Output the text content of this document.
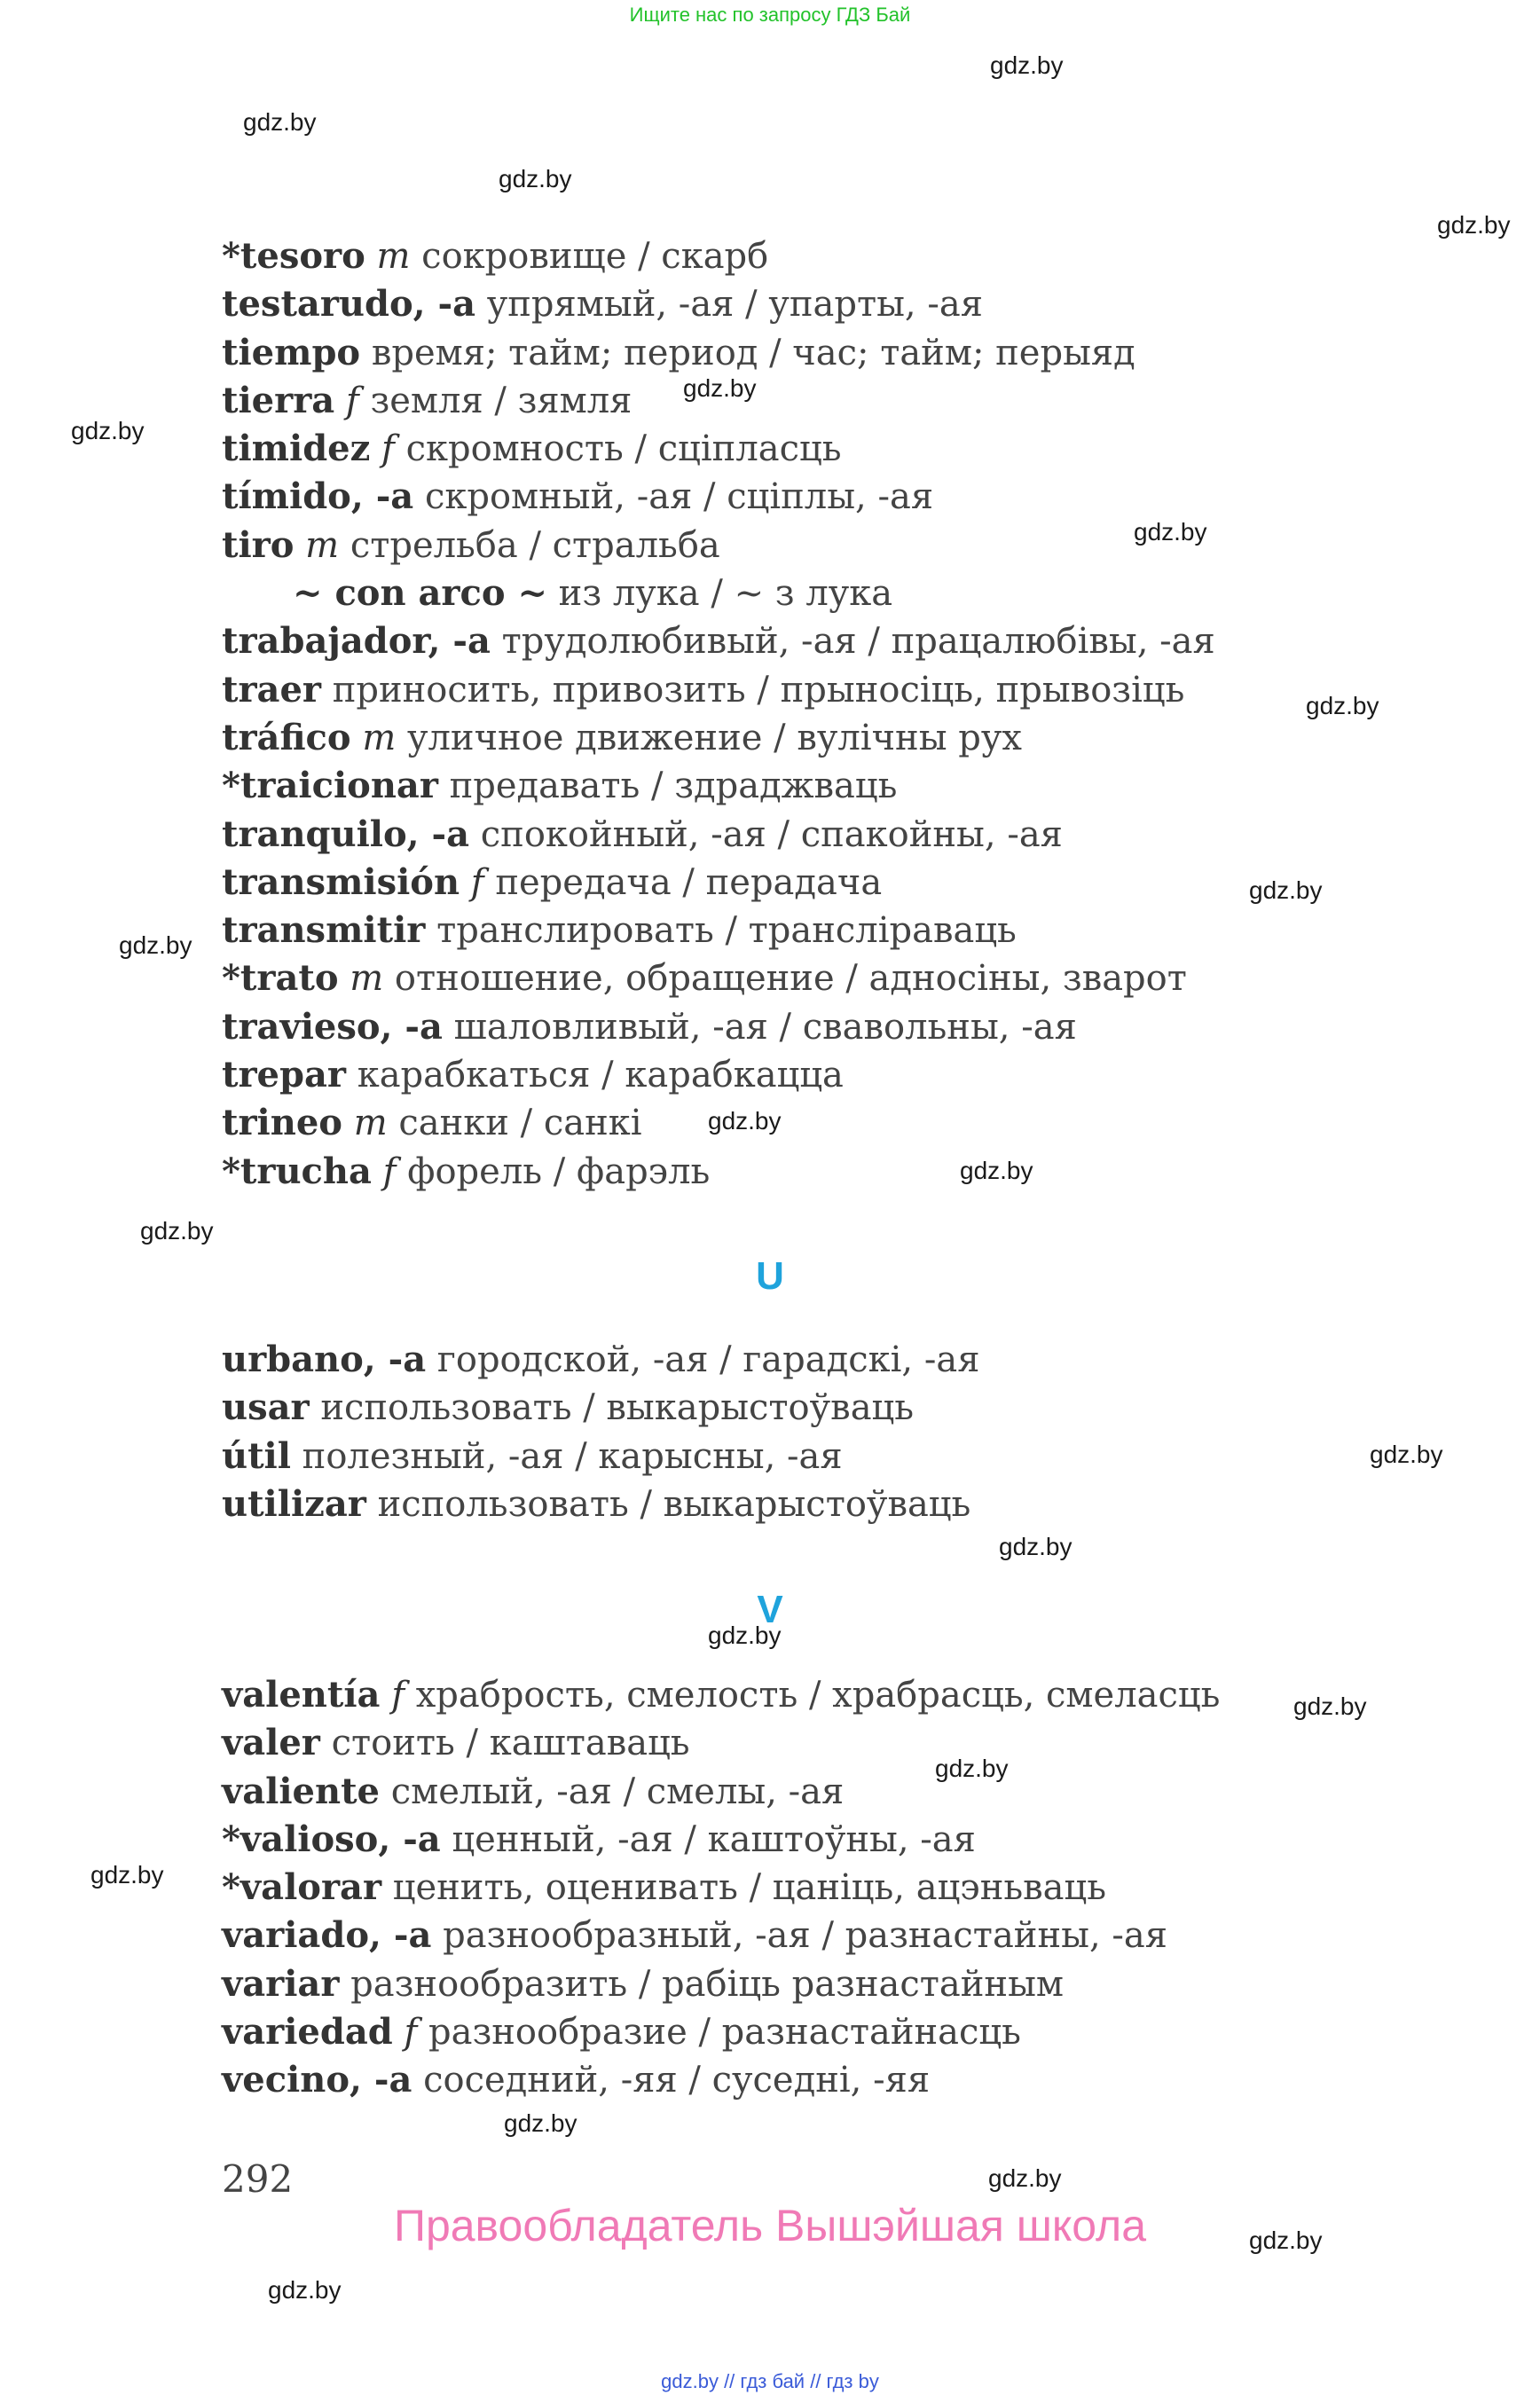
Ищите нас по запросу ГДЗ Бай
gdz.by
gdz.by
gdz.by
gdz.by
gdz.by
gdz.by
gdz.by
gdz.by
gdz.by
gdz.by
gdz.by
gdz.by
gdz.by
gdz.by
gdz.by
gdz.by
gdz.by
gdz.by
gdz.by
gdz.by
gdz.by
gdz.by
gdz.by
*tesoro m сокровище / скарб
testarudo, -a упрямый, -ая / упарты, -ая
tiempo время; тайм; период / час; тайм; перыяд
tierra f земля / зямля
timidez f скромность / сціпласць
tímido, -a скромный, -ая / сціплы, -ая
tiro m стрельба / стральба
~ con arco ~ из лука / ~ з лука
trabajador, -a трудолюбивый, -ая / працалюбівы, -ая
traer приносить, привозить / прыносіць, прывозіць
tráfico m уличное движение / вулічны рух
*traicionar предавать / здраджваць
tranquilo, -a спокойный, -ая / спакойны, -ая
transmisión f передача / перадача
transmitir транслировать / трансліраваць
*trato m отношение, обращение / адносіны, зварот
travieso, -a шаловливый, -ая / свавольны, -ая
trepar карабкаться / карабкацца
trineo m санки / санкі
*trucha f форель / фарэль
U
urbano, -a городской, -ая / гарадскі, -ая
usar использовать / выкарыстоўваць
útil полезный, -ая / карысны, -ая
utilizar использовать / выкарыстоўваць
V
valentía f храбрость, смелость / храбрасць, смеласць
valer стоить / каштаваць
valiente смелый, -ая / смелы, -ая
*valioso, -a ценный, -ая / каштоўны, -ая
*valorar ценить, оценивать / цаніць, ацэньваць
variado, -a разнообразный, -ая / разнастайны, -ая
variar разнообразить / рабіць разнастайным
variedad f разнообразие / разнастайнасць
vecino, -a соседний, -яя / суседні, -яя
292
Правообладатель Вышэйшая школа
gdz.by // гдз бай // гдз by
